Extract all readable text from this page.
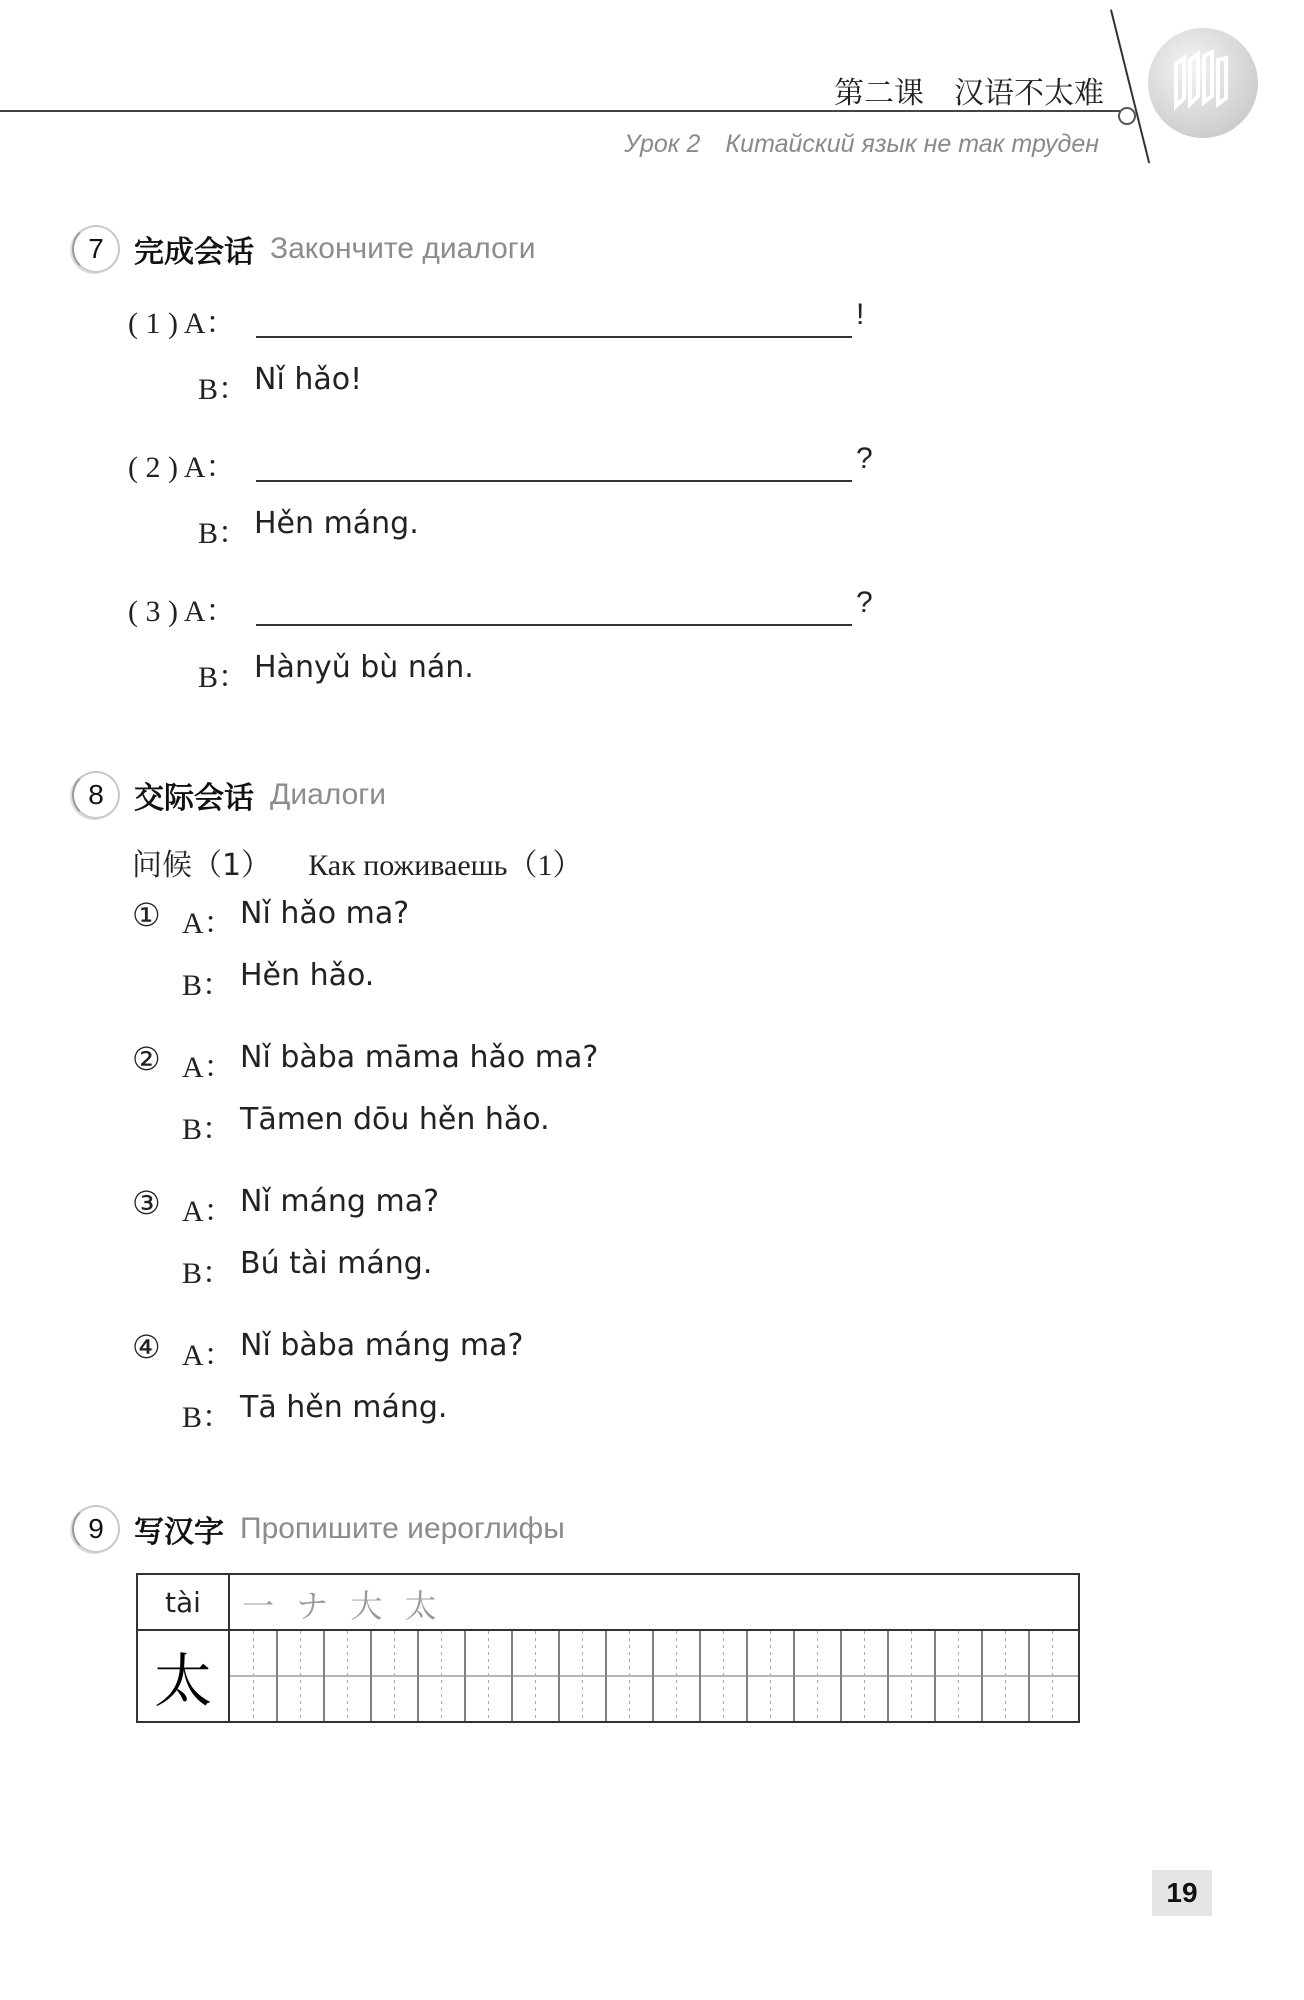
第二课　汉语不太难
Урок 2　Китайский язык не так труден
7	完成会话 Закончите диалоги
( 1 ) A：	!
B： Nǐ hǎo!
( 2 ) A：	?
B： Hěn máng.
( 3 ) A：	?
B： Hànyǔ bù nán.
8	交际会话 Диалоги
问候（1） Как поживаешь（1）
① A： Nǐ hǎo ma?
B： Hěn hǎo.
② A： Nǐ bàba māma hǎo ma?
B： Tāmen dōu hěn hǎo.
③ A： Nǐ máng ma?
B： Bú tài máng.
④ A： Nǐ bàba máng ma?
B： Tā hěn máng.
9	写汉字 Пропишите иероглифы
tài	一 ナ 大 太
太
19
